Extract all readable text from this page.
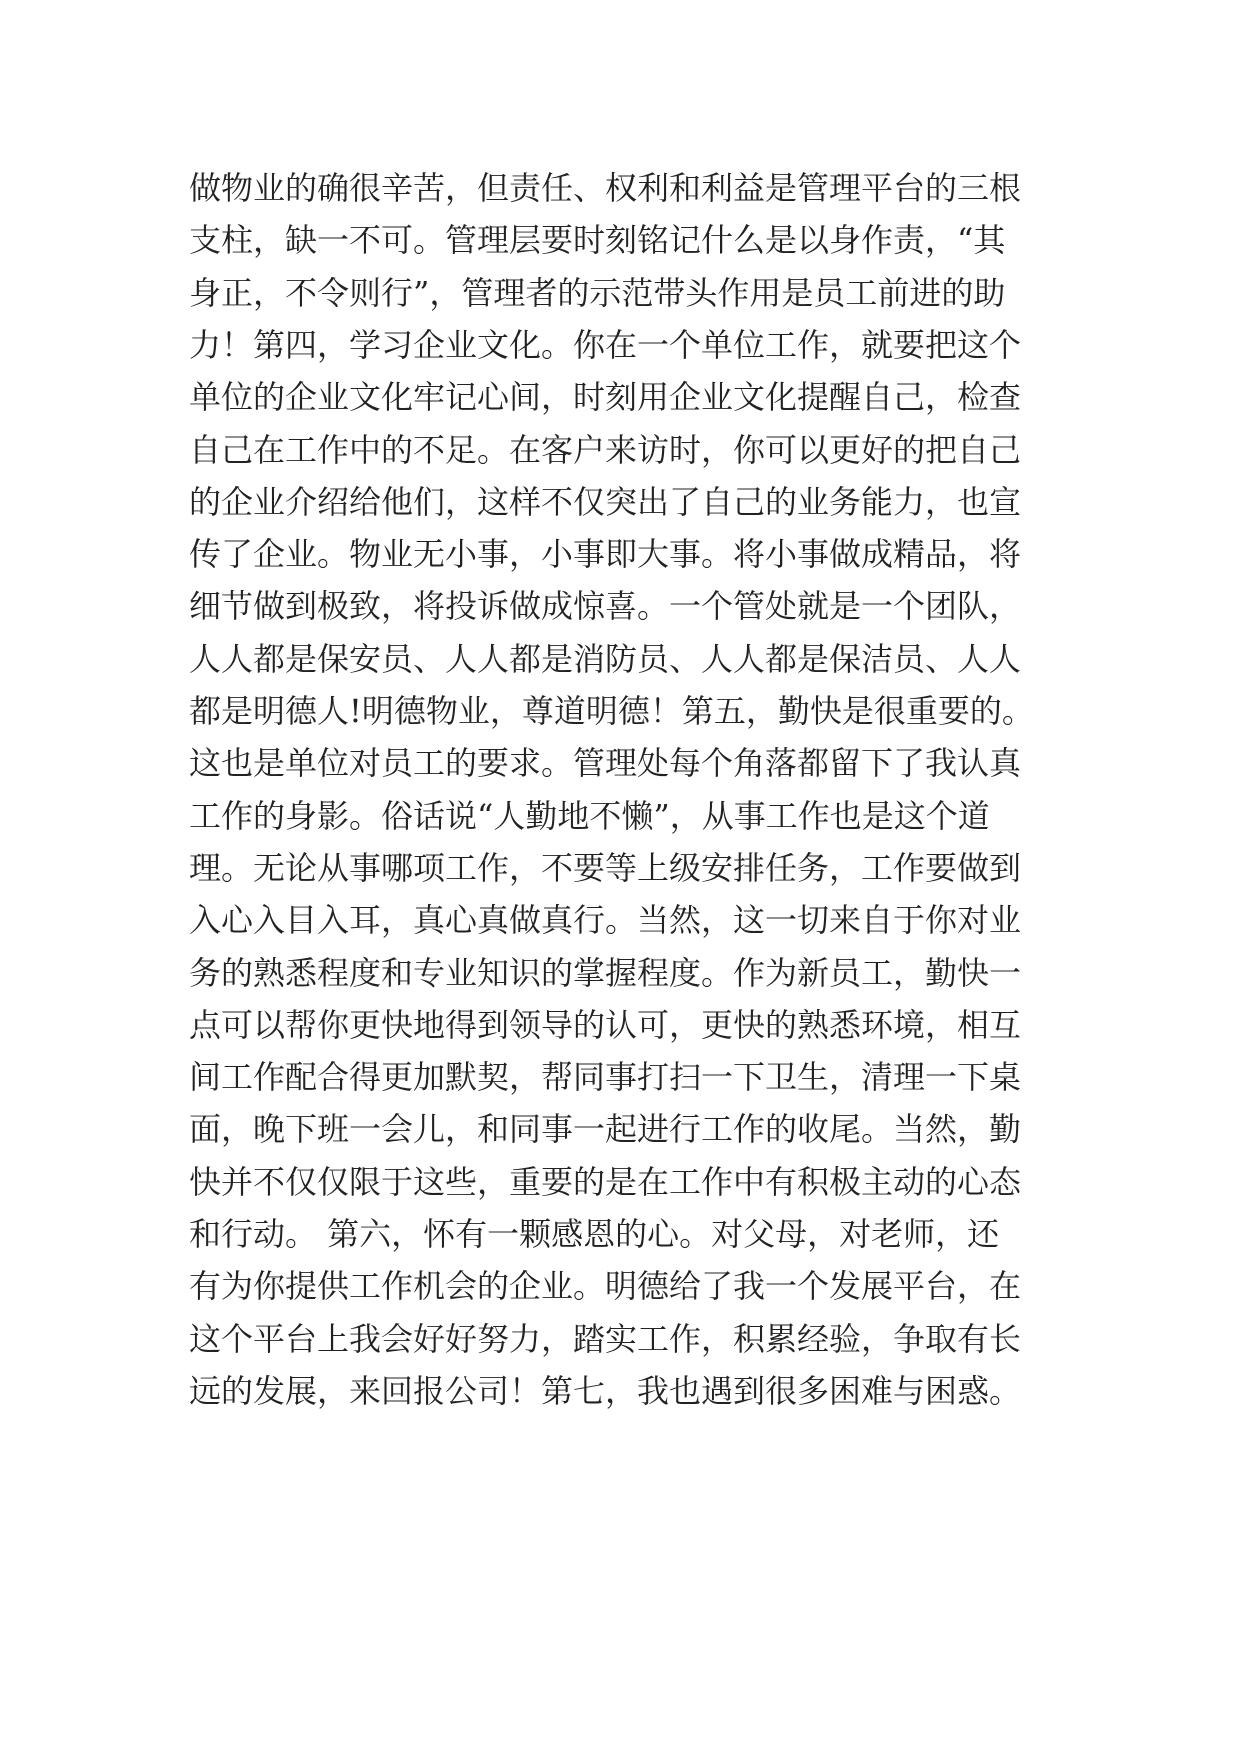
做物业的确很辛苦，但责任、权利和利益是管理平台的三根
支柱，缺一不可。管理层要时刻铭记什么是以身作责，“其
身正，不令则行”，管理者的示范带头作用是员工前进的助
力！第四，学习企业文化。你在一个单位工作，就要把这个
单位的企业文化牢记心间，时刻用企业文化提醒自己，检查
自己在工作中的不足。在客户来访时，你可以更好的把自己
的企业介绍给他们，这样不仅突出了自己的业务能力，也宣
传了企业。物业无小事，小事即大事。将小事做成精品，将
细节做到极致，将投诉做成惊喜。一个管处就是一个团队，
人人都是保安员、人人都是消防员、人人都是保洁员、人人
都是明德人!明德物业，尊道明德！第五，勤快是很重要的。
这也是单位对员工的要求。管理处每个角落都留下了我认真
工作的身影。俗话说“人勤地不懒”，从事工作也是这个道
理。无论从事哪项工作，不要等上级安排任务，工作要做到
入心入目入耳，真心真做真行。当然，这一切来自于你对业
务的熟悉程度和专业知识的掌握程度。作为新员工，勤快一
点可以帮你更快地得到领导的认可，更快的熟悉环境，相互
间工作配合得更加默契，帮同事打扫一下卫生，清理一下桌
面，晚下班一会儿，和同事一起进行工作的收尾。当然，勤
快并不仅仅限于这些，重要的是在工作中有积极主动的心态
和行动。 第六，怀有一颗感恩的心。对父母，对老师，还
有为你提供工作机会的企业。明德给了我一个发展平台，在
这个平台上我会好好努力，踏实工作，积累经验，争取有长
远的发展，来回报公司！第七，我也遇到很多困难与困惑。
